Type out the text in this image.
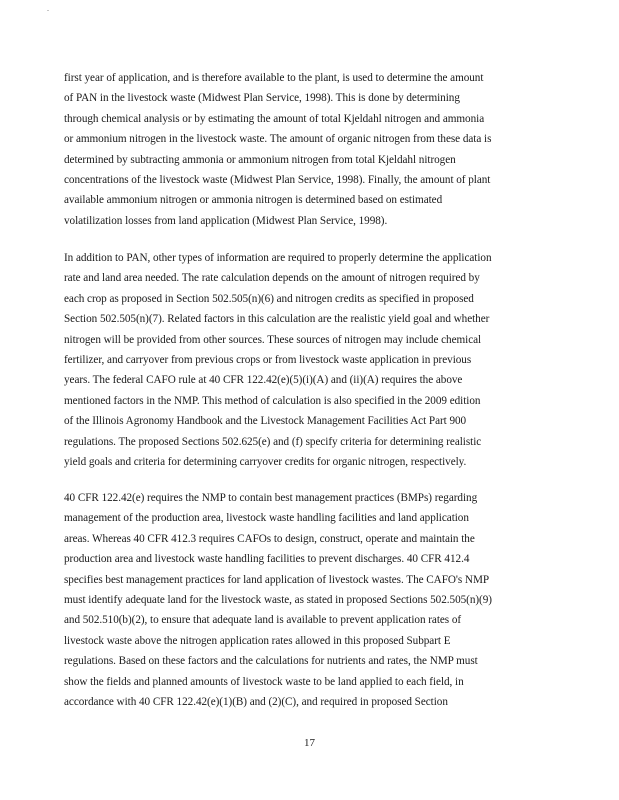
-
first year of application, and is therefore available to the plant, is used to determine the amount
of PAN in the livestock waste (Midwest Plan Service, 1998). This is done by determining
through chemical analysis or by estimating the amount of total Kjeldahl nitrogen and ammonia
or ammonium nitrogen in the livestock waste. The amount of organic nitrogen from these data is
determined by subtracting ammonia or ammonium nitrogen from total Kjeldahl nitrogen
concentrations of the livestock waste (Midwest Plan Service, 1998). Finally, the amount of plant
available ammonium nitrogen or ammonia nitrogen is determined based on estimated
volatilization losses from land application (Midwest Plan Service, 1998).
In addition to PAN, other types of information are required to properly determine the application
rate and land area needed. The rate calculation depends on the amount of nitrogen required by
each crop as proposed in Section 502.505(n)(6) and nitrogen credits as specified in proposed
Section 502.505(n)(7). Related factors in this calculation are the realistic yield goal and whether
nitrogen will be provided from other sources. These sources of nitrogen may include chemical
fertilizer, and carryover from previous crops or from livestock waste application in previous
years. The federal CAFO rule at 40 CFR 122.42(e)(5)(i)(A) and (ii)(A) requires the above
mentioned factors in the NMP. This method of calculation is also specified in the 2009 edition
of the Illinois Agronomy Handbook and the Livestock Management Facilities Act Part 900
regulations. The proposed Sections 502.625(e) and (f) specify criteria for determining realistic
yield goals and criteria for determining carryover credits for organic nitrogen, respectively.
40 CFR 122.42(e) requires the NMP to contain best management practices (BMPs) regarding
management of the production area, livestock waste handling facilities and land application
areas. Whereas 40 CFR 412.3 requires CAFOs to design, construct, operate and maintain the
production area and livestock waste handling facilities to prevent discharges. 40 CFR 412.4
specifies best management practices for land application of livestock wastes. The CAFO's NMP
must identify adequate land for the livestock waste, as stated in proposed Sections 502.505(n)(9)
and 502.510(b)(2), to ensure that adequate land is available to prevent application rates of
livestock waste above the nitrogen application rates allowed in this proposed Subpart E
regulations. Based on these factors and the calculations for nutrients and rates, the NMP must
show the fields and planned amounts of livestock waste to be land applied to each field, in
accordance with 40 CFR 122.42(e)(1)(B) and (2)(C), and required in proposed Section
17
